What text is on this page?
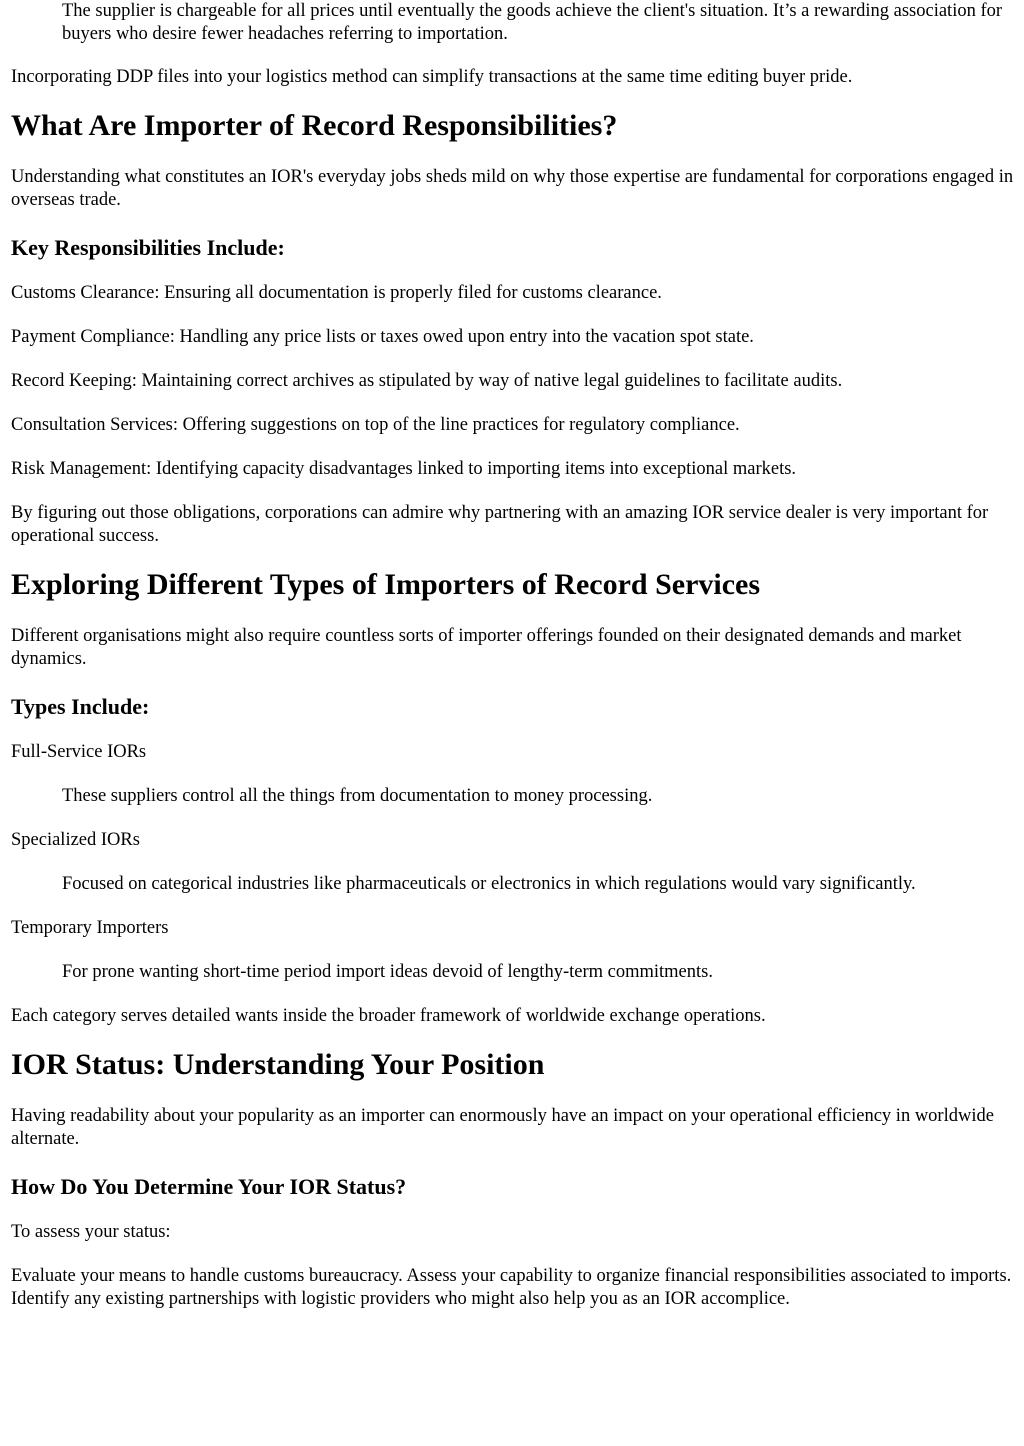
The supplier is chargeable for all prices until eventually the goods achieve the client's situation. It’s a rewarding association for buyers who desire fewer headaches referring to importation.

Incorporating DDP files into your logistics method can simplify transactions at the same time editing buyer pride.

What Are Importer of Record Responsibilities?

Understanding what constitutes an IOR's everyday jobs sheds mild on why those expertise are fundamental for corporations engaged in overseas trade.

Key Responsibilities Include:

Customs Clearance: Ensuring all documentation is properly filed for customs clearance.

Payment Compliance: Handling any price lists or taxes owed upon entry into the vacation spot state.

Record Keeping: Maintaining correct archives as stipulated by way of native legal guidelines to facilitate audits.

Consultation Services: Offering suggestions on top of the line practices for regulatory compliance.

Risk Management: Identifying capacity disadvantages linked to importing items into exceptional markets.

By figuring out those obligations, corporations can admire why partnering with an amazing IOR service dealer is very important for operational success.

Exploring Different Types of Importers of Record Services

Different organisations might also require countless sorts of importer offerings founded on their designated demands and market dynamics.

Types Include:

Full-Service IORs

These suppliers control all the things from documentation to money processing.

Specialized IORs

Focused on categorical industries like pharmaceuticals or electronics in which regulations would vary significantly.

Temporary Importers

For prone wanting short-time period import ideas devoid of lengthy-term commitments.

Each category serves detailed wants inside the broader framework of worldwide exchange operations.

IOR Status: Understanding Your Position

Having readability about your popularity as an importer can enormously have an impact on your operational efficiency in worldwide alternate.

How Do You Determine Your IOR Status?

To assess your status:

Evaluate your means to handle customs bureaucracy. Assess your capability to organize financial responsibilities associated to imports. Identify any existing partnerships with logistic providers who might also help you as an IOR accomplice.
